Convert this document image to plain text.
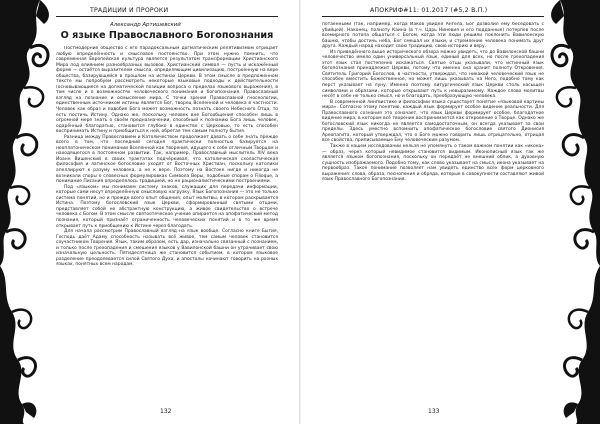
ТРАДИЦИИ И ПРОРОКИ
Александр Артишевский
О языке Православного Богопознания

Постмодерние общество с его парадоксальным догматическим релятивизмом отрицает любую определённость и смысловое постоянство. При этом нужно помнить, что современная Европейская культура является результатом трансформации Христианского Мира под влиянием разнообразных вызовов. Христианский символ — пусть и искажённый форме — остаётся выразителем смысла, определяющим цивилизацию, построенную на вере общества, базирующейся в прошлом на истинах Церкви. В этом смысле в предложенном тексте мы попробуем рассмотреть некоторые языковые подходы к действительности (основывающиеся на догматической позиции вопроса о пределах языкового выражения), в том числе и о возможностях человеческого понимания и богопознания. Православный взгляд на познание и осмысление мира. С точки зрения Православной гносеологии, единственным источником истины является Бог, творец Вселенной и человека в частности. Человек как образ и подобие Бога может возможность познать своего Небесного Отца, то есть постичь Истину. Однако же, поскольку человек вне Богообщения способен лишь в огромной мере знать о своём предназначении, способный к познанию Бога лишь человек, одарённый благодатью, становится глубоко в единстве с Церковью, то есть способен воспринимать Истину и приобщиться к ней, обретая тем самым полноту бытия.

Разница между Православием и Католичеством продолжает давать о себе знать прежде всего в том, что последний сегодня практически полностью базируется на неоплатоническом понимании Вселенной как творения, идущего к себе отличным Творцом и находящегося в постоянном развитии. Так, например, Православный мыслитель XIV века Иоанн Вишенский в своих трактатах подчёркивал, что католическая схоластическая философия и латинское богословие уходят от Восточных Христиан, поскольку католики апеллируют к разуму человека, а не к вере. Поэтому на Востоке нигде и никогда не возникали споры о словесных формулировках Символа Веры, подобные спорам о Filioque, а понимание Писания определялось традицией, но не рационалистическими построениями.

Под «языком» мы понимаем систему знаков, служащих для передачи информации, которые сами несут определённую смысловую нагрузку. Язык Богопознания — это не только система понятий, но и прежде всего опыт общения, опыт молитвы, в котором раскрывается Истина. Поэтому богословский язык Церкви, сформированный святыми отцами, представляет собой не абстрактную конструкцию, а живое свидетельство о встрече человека с Богом. В этом смысле святоотеческое учение опирается на апофатический метод познания, который признаёт ограниченность человеческих понятий и в то же время открывает путь к приобщению к Истине через благодать.

Для начала рассмотрим Православный взгляд на язык вообще. Согласно книге Бытия, Господь даёт Адаму способность называть всё живое, тем самым человек становится соучастником Творения. Язык, таким образом, есть дар, изначально связанный с познанием, и только после грехопадения и смешения языков у Вавилонской башни он утрачивает свою изначальную цельность. Пятидесятница же становится событием, в котором языковое разделение преодолевается силой Святого Духа, и апостолы начинают говорить на разных языках, понятных всем народам.

132
АПОКРИФ#11: 01.2017 (#5,2 В.П.)

потаёнными (так, например, когда Иаков увидел Ангела, Бог дозволил ему беседовать с убийцей). Наконец, полноту Каина (в т.ч. Царь Ниневия и его подданные) потерпев после всемирного потопа общаться с Богом, когда эти люди решили поклонить Вавилонскую башню, чтобы достичь неба, Бог смешал их языки, и стремление человека понимать друг друга. Каждый народ находит свою традицию, свою историю и веру.

Из приведённого выше исторического обзора можно увидеть, что до Вавилонской башни человечество имело один универсальный язык, единый для всех, но после грехопадения этот язык стал постепенно искажаться. Святые отцы указывали, что истинный язык богопознания принадлежит Церкви, потому что именно она хранит полноту Откровения. Святитель Григорий Богослов, в частности, утверждал, что никакой человеческий язык не способен вместить Божественное, но может лишь указывать на Него, подобно тому как перст указывает на луну. Именно поэтому литургический язык Церкви столь насыщен символами и образами, которые открывают путь к невыразимому. Каждое слово молитвы несёт в себе не только смысл, но и благодать, преобразующую человека.

В современной лингвистике и философии языка существует понятие «языковой картины мира». Согласно этому понятию, каждый язык формирует особое видение реальности. Для Православного сознания это означает, что язык Церкви формирует особое, благодатное видение мира, в котором всё творение воспринимается как откровение о Творце. Однако же богословский язык никогда не является самодостаточным, он всегда указывает за свои пределы. Здесь уместно вспомнить апофатическое богословие святого Дионисия Ареопагита, который утверждал, что о Боге можно говорить лишь отрицательно, отрицая все свойства, приписываемые Ему человеческим разумом.

Также в нашем исследовании нельзя не упомянуть о таком важном понятии как «икона» — образ, через который невидимое становится видимым. Иконописный язык так же является языком богопознания, поскольку он передаёт не внешний облик, а духовную сущность изображаемого. Подобно тому, как слово указывает на смысл, икона указывает на первообраз. Такое понимание позволяет нам увидеть единство всех форм церковного выражения: слова, образа, песнопения и обряда, которые в совокупности составляют живой язык Православного Богопознания.

133
